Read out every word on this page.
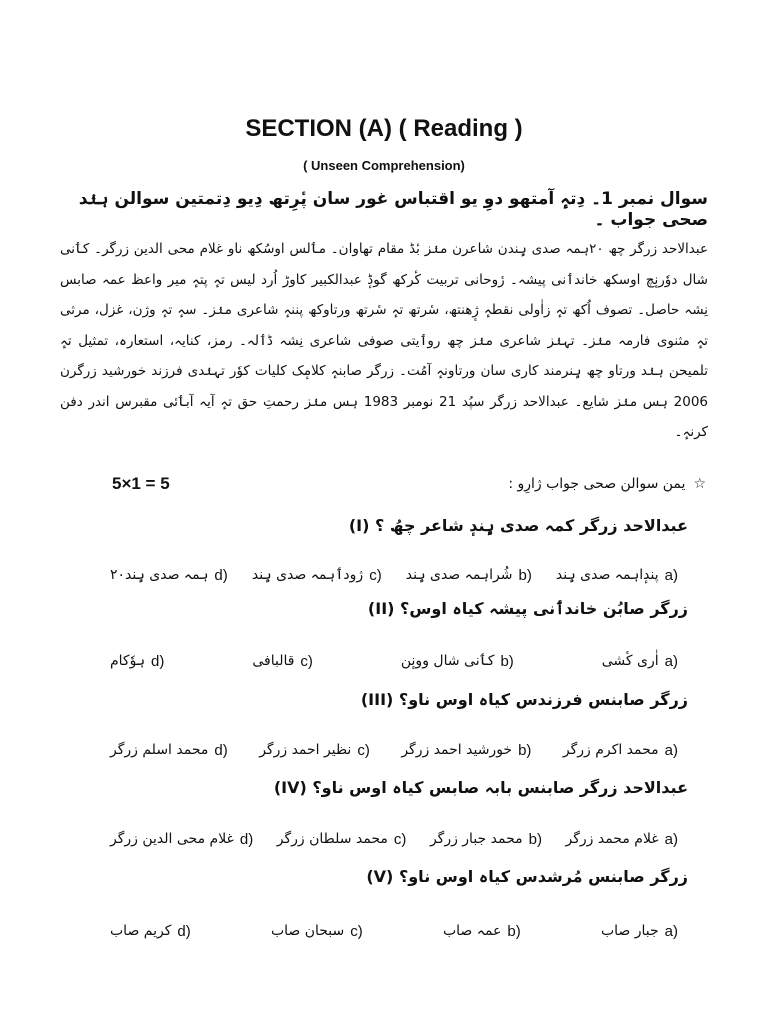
SECTION (A) ( Reading )
( Unseen Comprehension)
سوال نمبر 1۔ دِتہٕ آمتھو دوِ یو اقتباس غور سان پٔرِتھ دِیو دِتمتین سوالن ہنٛد صحی جواب ۔
عبدالاحد زرگر چھ ۲۰ہمہ صدی ہٕندن شاعرن منٛز بٔڈ مقام تھاوان۔ مٲلس اوسُکھ ناو غلام محی الدین زرگر۔ کٲنی شال دوٗرنٕچ اوسکھ خاندٲنی پیشہ۔ رٔوحانی تربیت کٔرکھ گوڈٕ عبدالکبیر کاوڑ اُرد لیس تہٕ پتہٕ میر واعظ عمہ صابس نِشہ حاصل۔ تصوف اُکھ تہٕ زاٰولی نقطہٕ ژٕھنتھ، سٔرتھ تہٕ سٔرتھ ورتاوکھ پننہٕ شاعری منٛز۔ سہٕ تہٕ وژن، غزل، مرثی تہٕ مثنوی فارمہ منٛز۔ تہنٛز شاعری منٛز چھ روٲیتی صوفی شاعری نِشہ ڈٲلہ۔ رمز، کنایہ، استعارہ، تمثیل تہٕ تلمیحن ہنٛد ورتاو چھ ہٕنرمند کاری سان ورتاونہٕ آمُت۔ زرگر صابنہٕ کلامٕک کلیات کوٗر تہنٛدی فرزند خورشید زرگرن 2006 ہس منٛز شایع۔ عبدالاحد زرگر سپُد 21 نومبر 1983 ہس منٛز رحمتِ حق تہٕ آیہ آبٲئی مقبرس اندر دفن کرنہٕ۔
5×1 = 5	☆یمن سوالن صحی جواب ژارِو :
(I) عبدالاحد زرگر کمہ صدی ہٕندٕ شاعر چھُ ؟
a)
پندٕاہمہ صدی ہٕند
b)
شُراہمہ صدی ہٕند
c)
ژودٲہمہ صدی ہٕند
d)
۲۰ہمہ صدی ہٕند
(II) زرگر صابُن خاندٲنی پیشہ کیاہ اوس؟
a)
اٰری کٔشی
b)
کٲنی شال وونٕن
c)
قالبافی
d)
ہوٗکام
(III) زرگر صابنس فرزندس کیاہ اوس ناو؟
a)
محمد اکرم زرگر
b)
خورشید احمد زرگر
c)
نظیر احمد زرگر
d)
محمد اسلم زرگر
(IV) عبدالاحد زرگر صابنس بابہ صابس کیاہ اوس ناو؟
a)
غلام محمد زرگر
b)
محمد جبار زرگر
c)
محمد سلطان زرگر
d)
غلام محی الدین زرگر
(V) زرگر صابنس مُرشدس کیاہ اوس ناو؟
a)
جبار صاب
b)
عمہ صاب
c)
سبحان صاب
d)
کریم صاب
